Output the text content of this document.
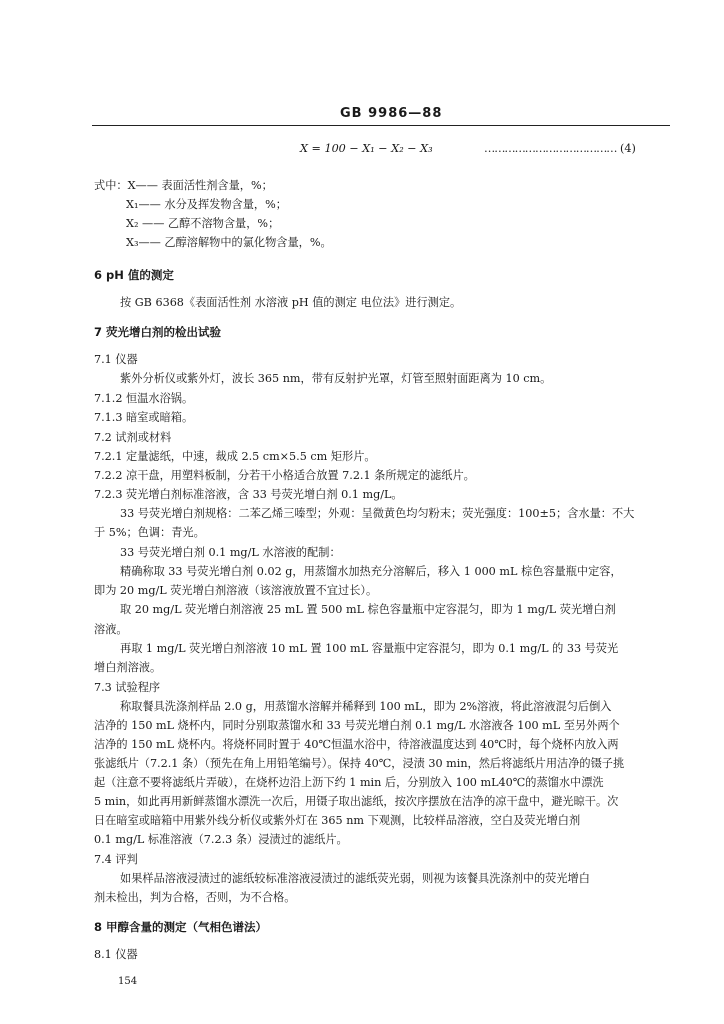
GB 9986—88
X = 100 − X₁ − X₂ − X₃	………………………………… (4)
式中：X—— 表面活性剂含量，%；
X₁—— 水分及挥发物含量，%；
X₂ —— 乙醇不溶物含量，%；
X₃—— 乙醇溶解物中的氯化物含量，%。
6 pH 值的测定
按 GB 6368《表面活性剂 水溶液 pH 值的测定 电位法》进行测定。
7 荧光增白剂的检出试验
7.1 仪器
紫外分析仪或紫外灯，波长 365 nm，带有反射护光罩，灯管至照射面距离为 10 cm。
7.1.2 恒温水浴锅。
7.1.3 暗室或暗箱。
7.2 试剂或材料
7.2.1 定量滤纸，中速，裁成 2.5 cm×5.5 cm 矩形片。
7.2.2 凉干盘，用塑料板制，分若干小格适合放置 7.2.1 条所规定的滤纸片。
7.2.3 荧光增白剂标准溶液，含 33 号荧光增白剂 0.1 mg/L。
33 号荧光增白剂规格：二苯乙烯三嗪型；外观：呈微黄色均匀粉末；荧光强度：100±5；含水量：不大
于 5%；色调：青光。
33 号荧光增白剂 0.1 mg/L 水溶液的配制：
精确称取 33 号荧光增白剂 0.02 g，用蒸馏水加热充分溶解后，移入 1 000 mL 棕色容量瓶中定容，
即为 20 mg/L 荧光增白剂溶液（该溶液放置不宜过长）。
取 20 mg/L 荧光增白剂溶液 25 mL 置 500 mL 棕色容量瓶中定容混匀，即为 1 mg/L 荧光增白剂
溶液。
再取 1 mg/L 荧光增白剂溶液 10 mL 置 100 mL 容量瓶中定容混匀，即为 0.1 mg/L 的 33 号荧光
增白剂溶液。
7.3 试验程序
称取餐具洗涤剂样品 2.0 g，用蒸馏水溶解并稀释到 100 mL，即为 2%溶液，将此溶液混匀后倒入
洁净的 150 mL 烧杯内，同时分别取蒸馏水和 33 号荧光增白剂 0.1 mg/L 水溶液各 100 mL 至另外两个
洁净的 150 mL 烧杯内。将烧杯同时置于 40℃恒温水浴中，待溶液温度达到 40℃时，每个烧杯内放入两
张滤纸片（7.2.1 条）（预先在角上用铅笔编号）。保持 40℃，浸渍 30 min，然后将滤纸片用洁净的镊子挑
起（注意不要将滤纸片弄破），在烧杯边沿上沥下约 1 min 后，分别放入 100 mL40℃的蒸馏水中漂洗
5 min，如此再用新鲜蒸馏水漂洗一次后，用镊子取出滤纸，按次序摆放在洁净的凉干盘中，避光晾干。次
日在暗室或暗箱中用紫外线分析仪或紫外灯在 365 nm 下观测，比较样品溶液，空白及荧光增白剂
0.1 mg/L 标准溶液（7.2.3 条）浸渍过的滤纸片。
7.4 评判
如果样品溶液浸渍过的滤纸较标准溶液浸渍过的滤纸荧光弱，则视为该餐具洗涤剂中的荧光增白
剂未检出，判为合格，否则，为不合格。
8 甲醇含量的测定（气相色谱法）
8.1 仪器
154
